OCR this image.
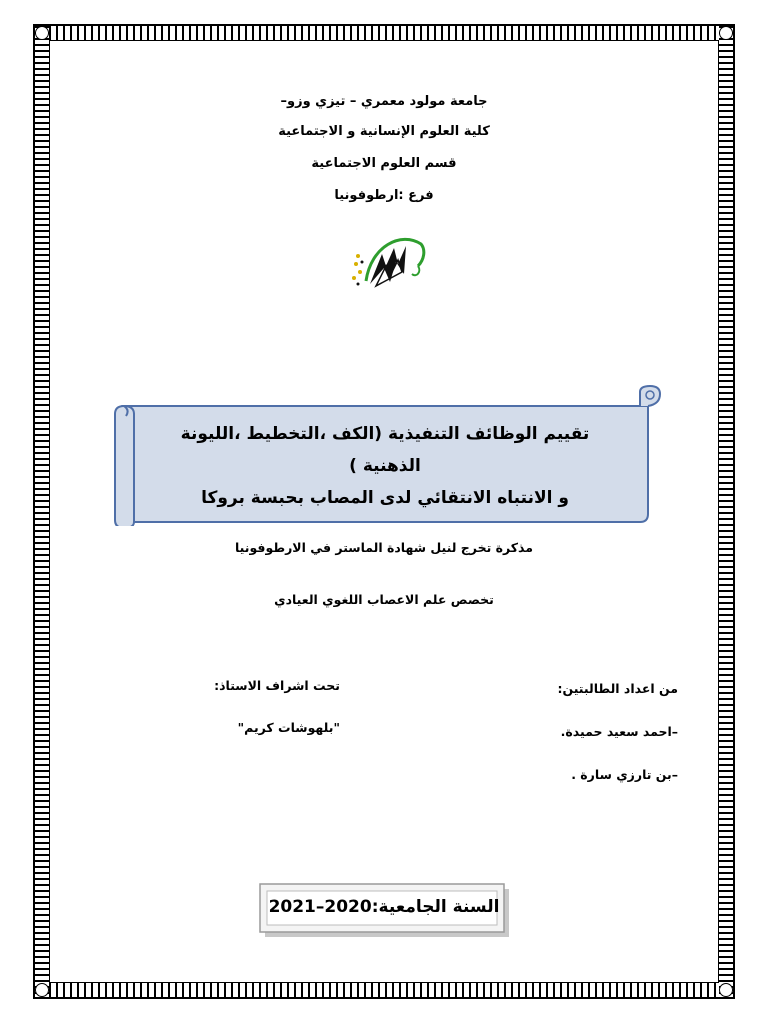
جامعة مولود معمري – تيزي وزو–
كلية العلوم الإنسانية و الاجتماعية
قسم العلوم الاجتماعية
فرع :ارطوفونيا
تقييم الوظائف التنفيذية (الكف ،التخطيط ،الليونة الذهنية )
و الانتباه الانتقائي لدى المصاب بحبسة بروكا
مذكرة تخرج لنيل شهادة الماستر في الارطوفونيا
تخصص علم الاعصاب اللغوي العيادي
من اعداد الطالبتين:
–احمد سعيد حميدة.
–بن تارزي سارة .
تحت اشراف الاستاذ:
"بلهوشات كريم"
السنة الجامعية:2020–2021
